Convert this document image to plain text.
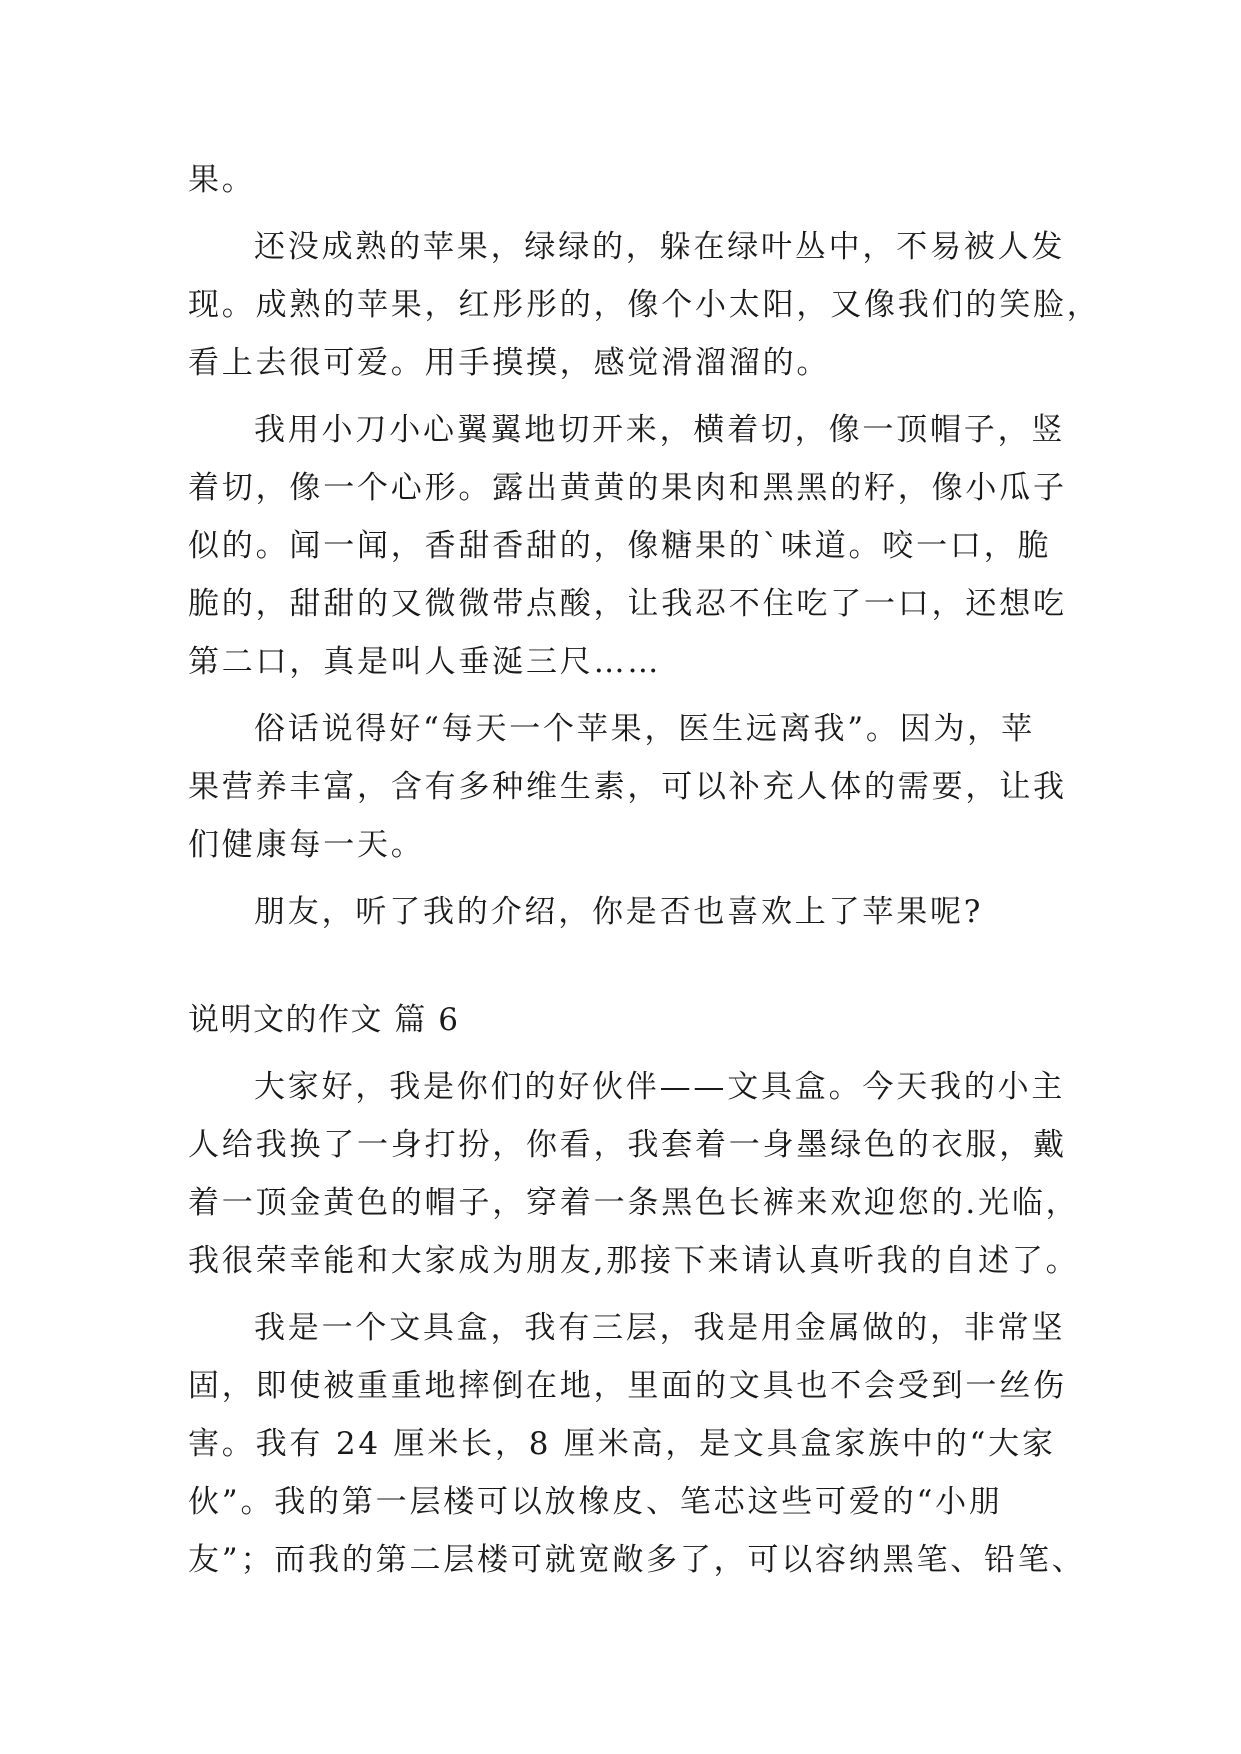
果。
还没成熟的苹果，绿绿的，躲在绿叶丛中，不易被人发
现。成熟的苹果，红彤彤的，像个小太阳，又像我们的笑脸，
看上去很可爱。用手摸摸，感觉滑溜溜的。
我用小刀小心翼翼地切开来，横着切，像一顶帽子，竖
着切，像一个心形。露出黄黄的果肉和黑黑的籽，像小瓜子
似的。闻一闻，香甜香甜的，像糖果的`味道。咬一口，脆
脆的，甜甜的又微微带点酸，让我忍不住吃了一口，还想吃
第二口，真是叫人垂涎三尺……
俗话说得好“每天一个苹果，医生远离我”。因为，苹
果营养丰富，含有多种维生素，可以补充人体的需要，让我
们健康每一天。
朋友，听了我的介绍，你是否也喜欢上了苹果呢?
说明文的作文 篇 6
大家好，我是你们的好伙伴——文具盒。今天我的小主
人给我换了一身打扮，你看，我套着一身墨绿色的衣服，戴
着一顶金黄色的帽子，穿着一条黑色长裤来欢迎您的.光临，
我很荣幸能和大家成为朋友,那接下来请认真听我的自述了。
我是一个文具盒，我有三层，我是用金属做的，非常坚
固，即使被重重地摔倒在地，里面的文具也不会受到一丝伤
害。我有 24 厘米长，8 厘米高，是文具盒家族中的“大家
伙”。我的第一层楼可以放橡皮、笔芯这些可爱的“小朋
友”；而我的第二层楼可就宽敞多了，可以容纳黑笔、铅笔、
